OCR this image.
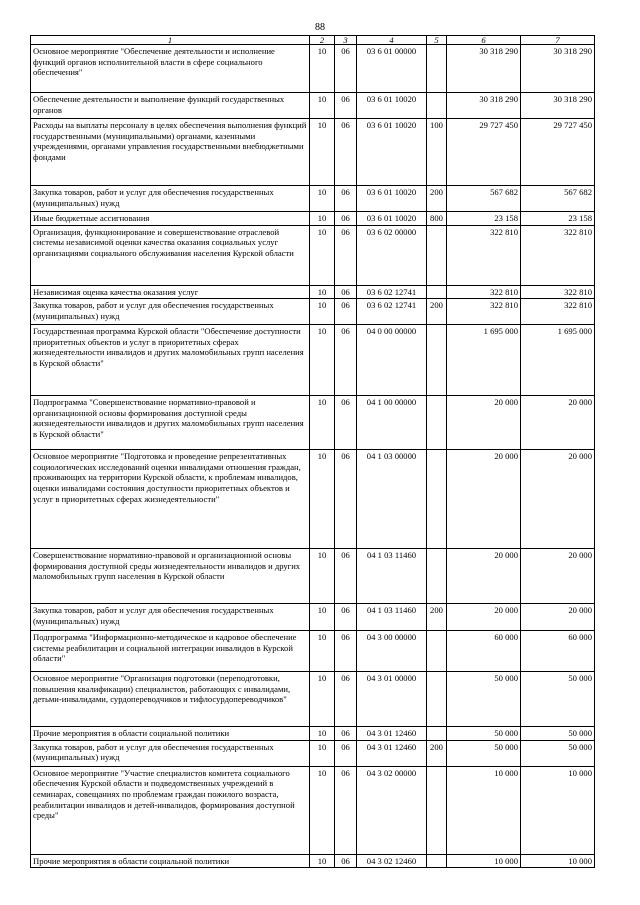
88
1	2	3	4	5	6	7
Основное мероприятие "Обеспечение деятельности и исполнение функций органов исполнительной власти в сфере социального обеспечения"	10	06	03 6 01 00000		30 318 290	30 318 290
Обеспечение деятельности и выполнение функций государственных органов	10	06	03 6 01 10020		30 318 290	30 318 290
Расходы на выплаты персоналу в целях обеспечения выполнения функций государственными (муниципальными) органами, казенными учреждениями, органами управления государственными внебюджетными фондами	10	06	03 6 01 10020	100	29 727 450	29 727 450
Закупка товаров, работ и услуг для обеспечения государственных (муниципальных) нужд	10	06	03 6 01 10020	200	567 682	567 682
Иные бюджетные ассигнования	10	06	03 6 01 10020	800	23 158	23 158
Организация, функционирование и совершенствование отраслевой системы независимой оценки качества оказания социальных услуг организациями социального обслуживания населения Курской области	10	06	03 6 02 00000		322 810	322 810
Независимая оценка качества оказания услуг	10	06	03 6 02 12741		322 810	322 810
Закупка товаров, работ и услуг для обеспечения государственных (муниципальных) нужд	10	06	03 6 02 12741	200	322 810	322 810
Государственная программа Курской области "Обеспечение доступности приоритетных объектов и услуг в приоритетных сферах жизнедеятельности инвалидов и других маломобильных групп населения в Курской области"	10	06	04 0 00 00000		1 695 000	1 695 000
Подпрограмма "Совершенствование нормативно-правовой и организационной основы формирования доступной среды жизнедеятельности инвалидов и других маломобильных групп населения в Курской области"	10	06	04 1 00 00000		20 000	20 000
Основное мероприятие "Подготовка и проведение репрезентативных социологических исследований оценки инвалидами отношения граждан, проживающих на территории Курской области, к проблемам инвалидов, оценки инвалидами состояния доступности приоритетных объектов и услуг в приоритетных сферах жизнедеятельности"	10	06	04 1 03 00000		20 000	20 000
Совершенствование нормативно-правовой и организационной основы формирования доступной среды жизнедеятельности инвалидов и других маломобильных групп населения в Курской области	10	06	04 1 03 11460		20 000	20 000
Закупка товаров, работ и услуг для обеспечения государственных (муниципальных) нужд	10	06	04 1 03 11460	200	20 000	20 000
Подпрограмма "Информационно-методическое и кадровое обеспечение системы реабилитации и социальной интеграции инвалидов в Курской области"	10	06	04 3 00 00000		60 000	60 000
Основное мероприятие "Организация подготовки (переподготовки, повышения квалификации) специалистов, работающих с инвалидами, детьми-инвалидами, сурдопереводчиков и тифлосурдопереводчиков"	10	06	04 3 01 00000		50 000	50 000
Прочие мероприятия в области социальной политики	10	06	04 3 01 12460		50 000	50 000
Закупка товаров, работ и услуг для обеспечения государственных (муниципальных) нужд	10	06	04 3 01 12460	200	50 000	50 000
Основное мероприятие "Участие специалистов комитета социального обеспечения Курской области и подведомственных учреждений в семинарах, совещаниях по проблемам граждан пожилого возраста, реабилитации инвалидов и детей-инвалидов, формирования доступной среды"	10	06	04 3 02 00000		10 000	10 000
Прочие мероприятия в области социальной политики	10	06	04 3 02 12460		10 000	10 000
